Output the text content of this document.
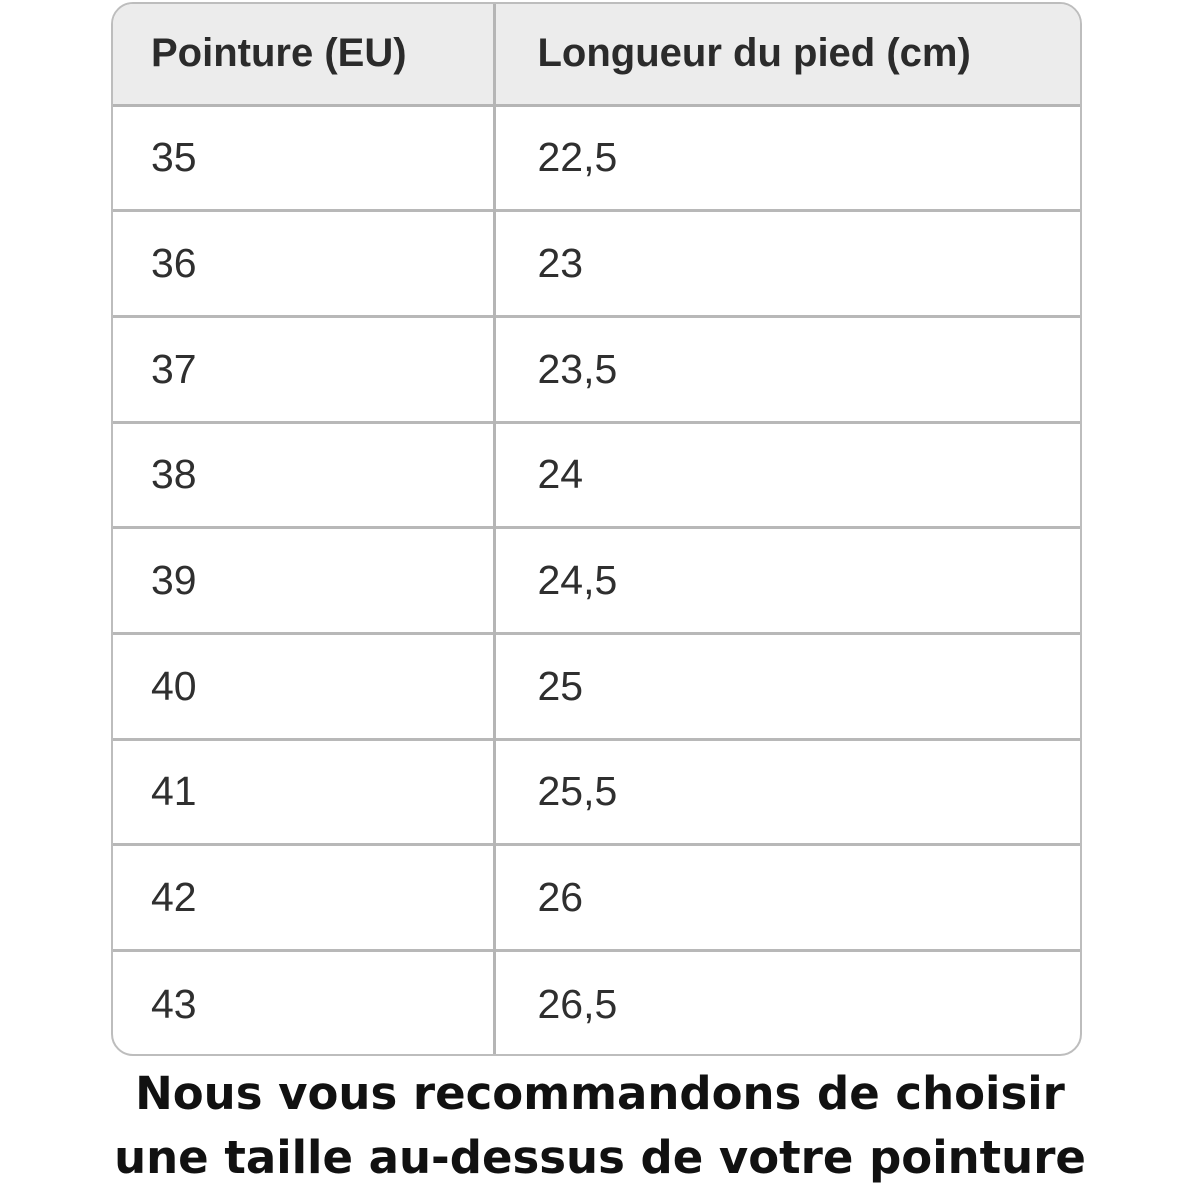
Pointure (EU)	Longueur du pied (cm)
35	22,5
36	23
37	23,5
38	24
39	24,5
40	25
41	25,5
42	26
43	26,5
Nous vous recommandons de choisir
une taille au-dessus de votre pointure
